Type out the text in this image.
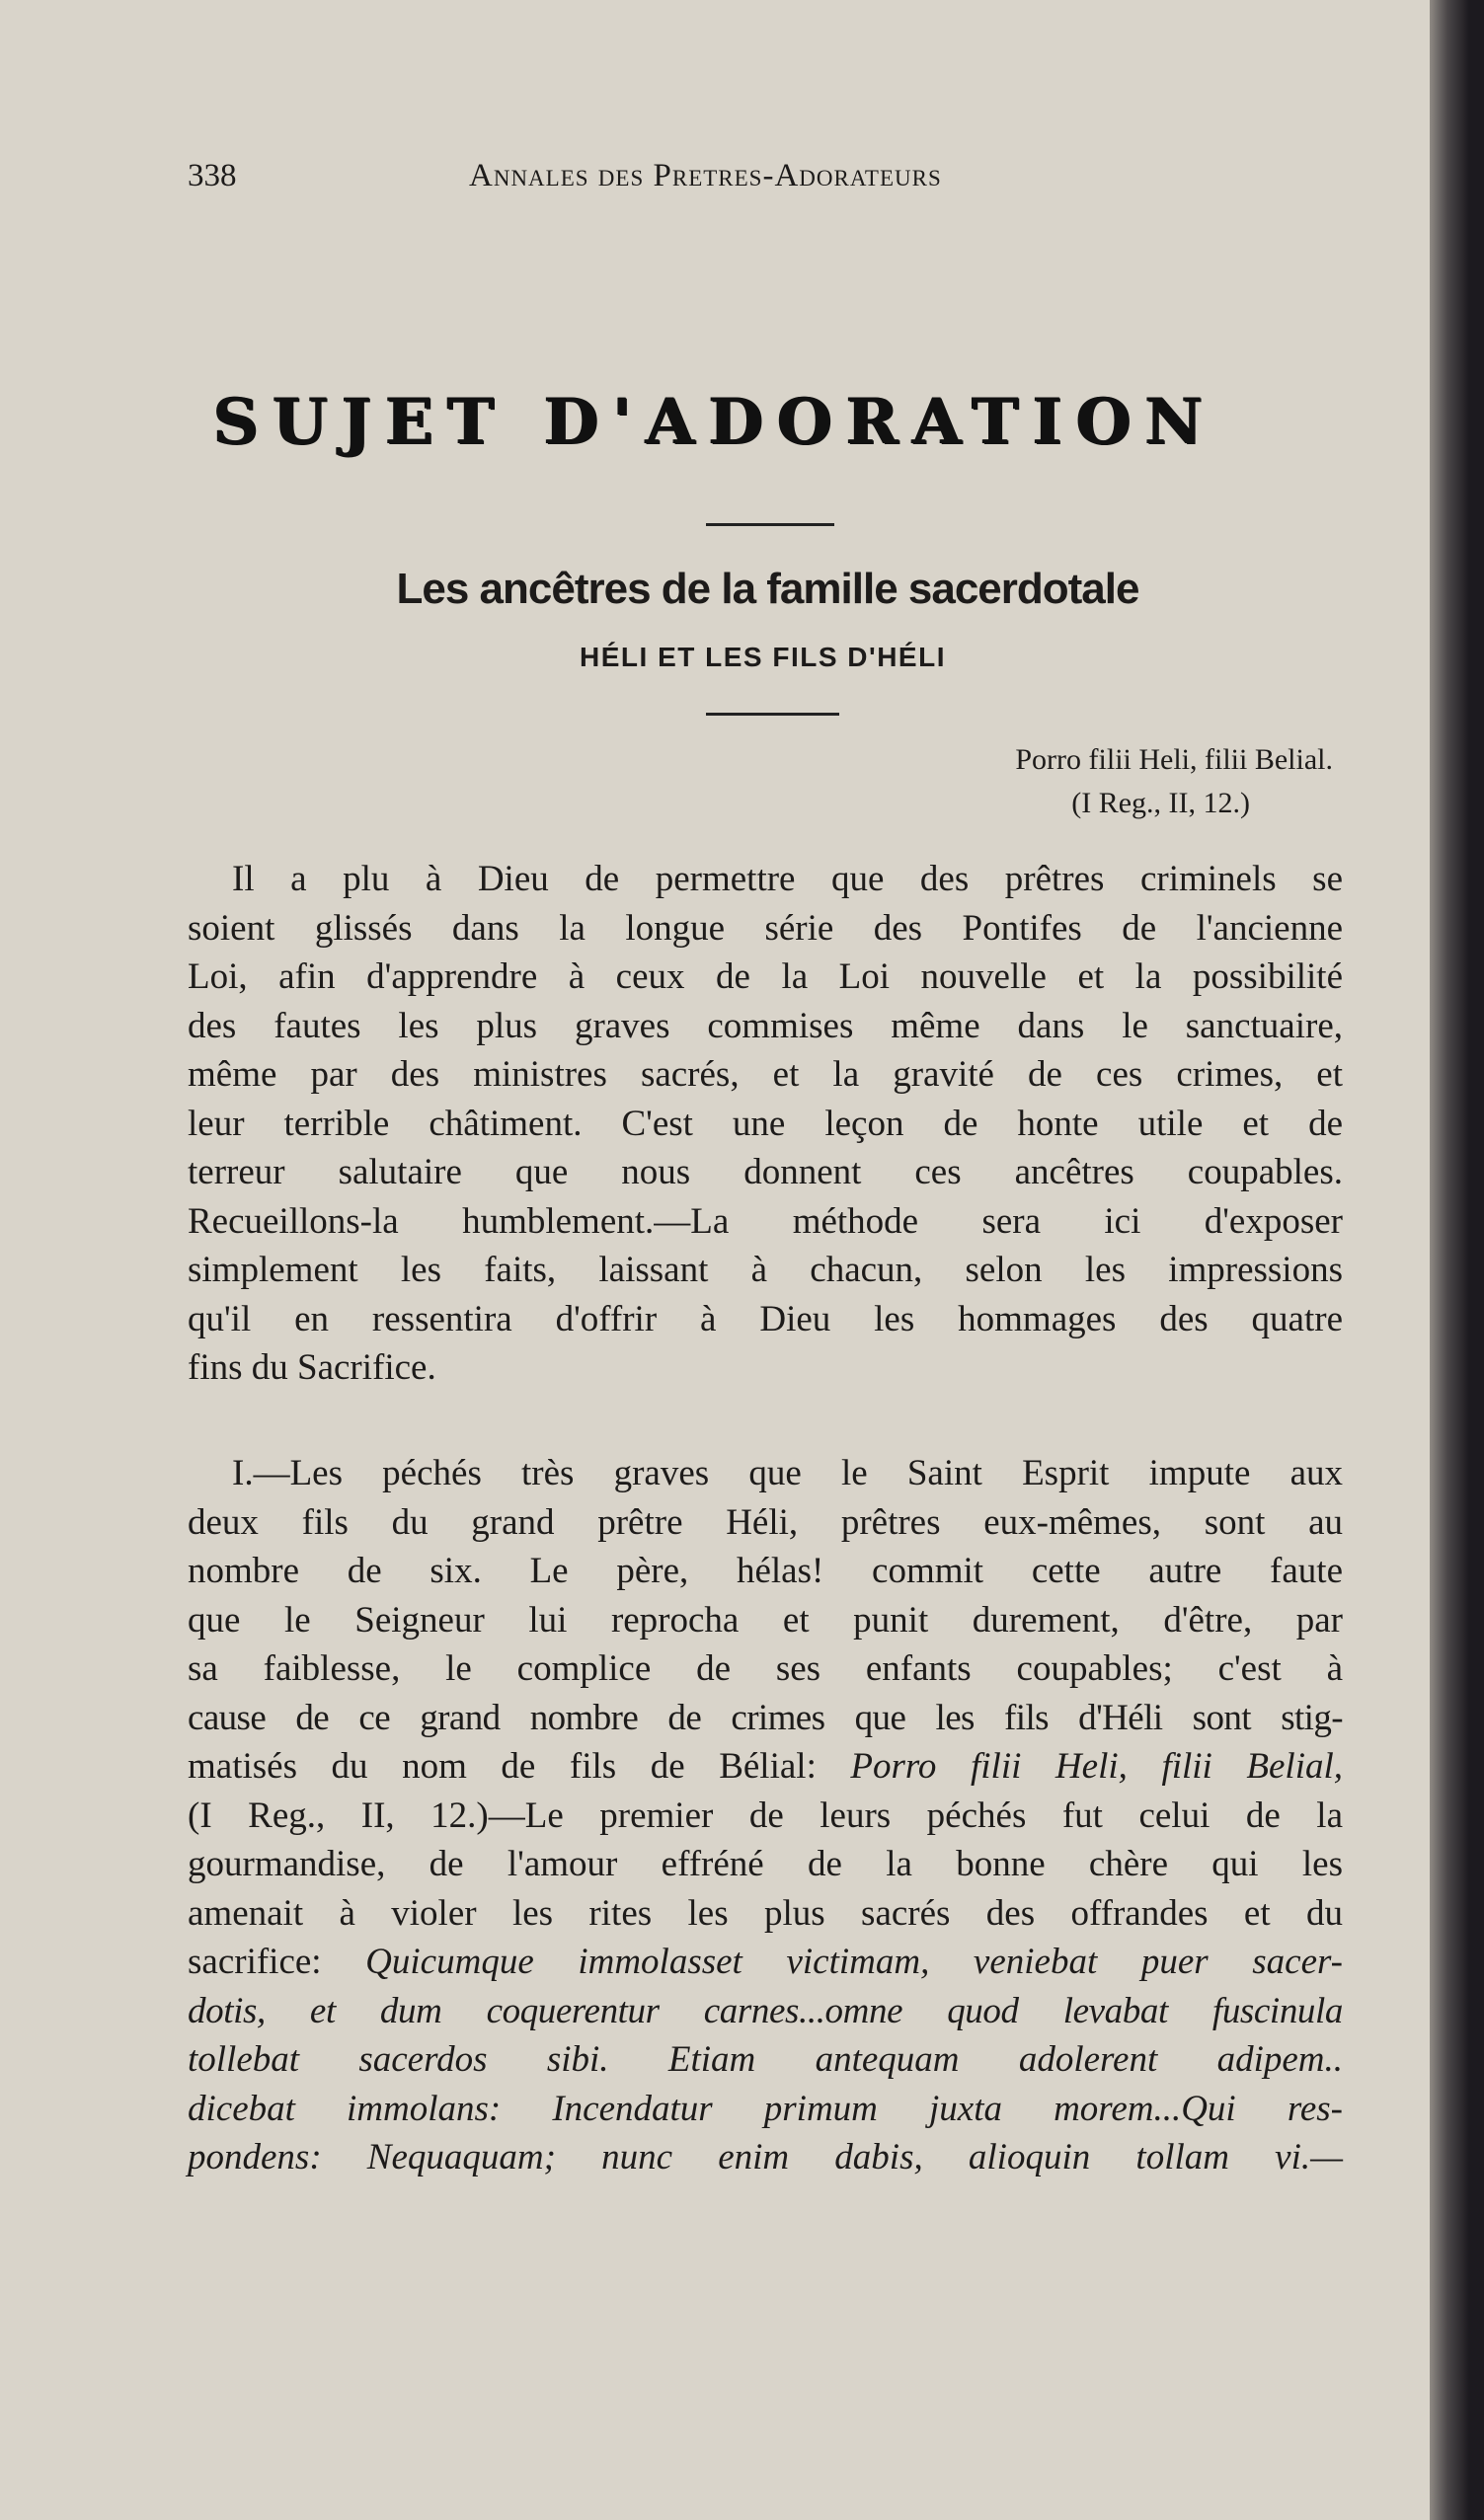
338	Annales des Pretres-Adorateurs
SUJET D'ADORATION
Les ancêtres de la famille sacerdotale
HÉLI ET LES FILS D'HÉLI
Porro filii Heli, filii Belial.
(I Reg., II, 12.)

Il a plu à Dieu de permettre que des prêtres criminels se
soient glissés dans la longue série des Pontifes de l'ancienne
Loi, afin d'apprendre à ceux de la Loi nouvelle et la possibilité
des fautes les plus graves commises même dans le sanctuaire,
même par des ministres sacrés, et la gravité de ces crimes, et
leur terrible châtiment. C'est une leçon de honte utile et de
terreur salutaire que nous donnent ces ancêtres coupables.
Recueillons-la humblement.—La méthode sera ici d'exposer
simplement les faits, laissant à chacun, selon les impressions
qu'il en ressentira d'offrir à Dieu les hommages des quatre
fins du Sacrifice.

I.—Les péchés très graves que le Saint Esprit impute aux
deux fils du grand prêtre Héli, prêtres eux-mêmes, sont au
nombre de six. Le père, hélas! commit cette autre faute
que le Seigneur lui reprocha et punit durement, d'être, par
sa faiblesse, le complice de ses enfants coupables; c'est à
cause de ce grand nombre de crimes que les fils d'Héli sont stig-
matisés du nom de fils de Bélial: Porro filii Heli, filii Belial,
(I Reg., II, 12.)—Le premier de leurs péchés fut celui de la
gourmandise, de l'amour effréné de la bonne chère qui les
amenait à violer les rites les plus sacrés des offrandes et du
sacrifice: Quicumque immolasset victimam, veniebat puer sacer-
dotis, et dum coquerentur carnes...omne quod levabat fuscinula
tollebat sacerdos sibi. Etiam antequam adolerent adipem..
dicebat immolans: Incendatur primum juxta morem...Qui res-
pondens: Nequaquam; nunc enim dabis, alioquin tollam vi.—
